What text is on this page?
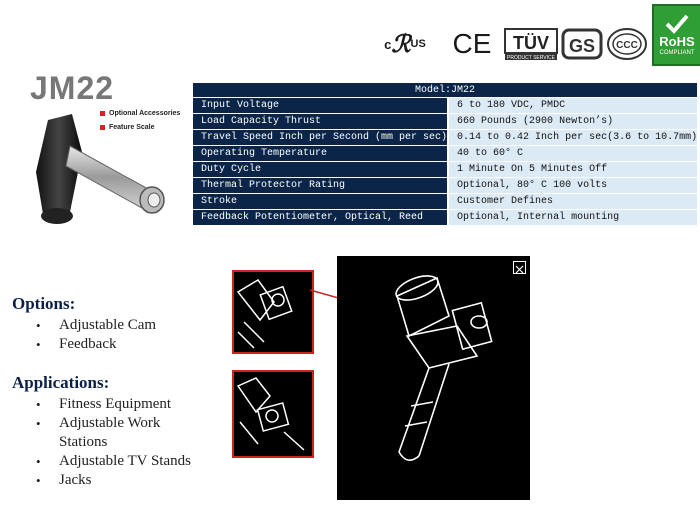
c ℛ US CE TÜV
PRODUCT SERVICE
GS CCC RoHS
COMPLIANT
JM22
Optional Accessories
Feature Scale
Model:JM22	
Input Voltage	6 to 180 VDC, PMDC
Load Capacity Thrust	660 Pounds (2900 Newton’s)
Travel Speed Inch per Second (mm per sec)	0.14 to 0.42 Inch per sec(3.6 to 10.7mm)
Operating Temperature	40 to 60° C
Duty Cycle	1 Minute On 5 Minutes Off
Thermal Protector Rating	Optional, 80° C 100 volts
Stroke	Customer Defines
Feedback Potentiometer, Optical, Reed	Optional, Internal mounting
Options:
• Adjustable Cam
• Feedback
Applications:
• Fitness Equipment
• Adjustable Work Stations
• Adjustable TV Stands
• Jacks
